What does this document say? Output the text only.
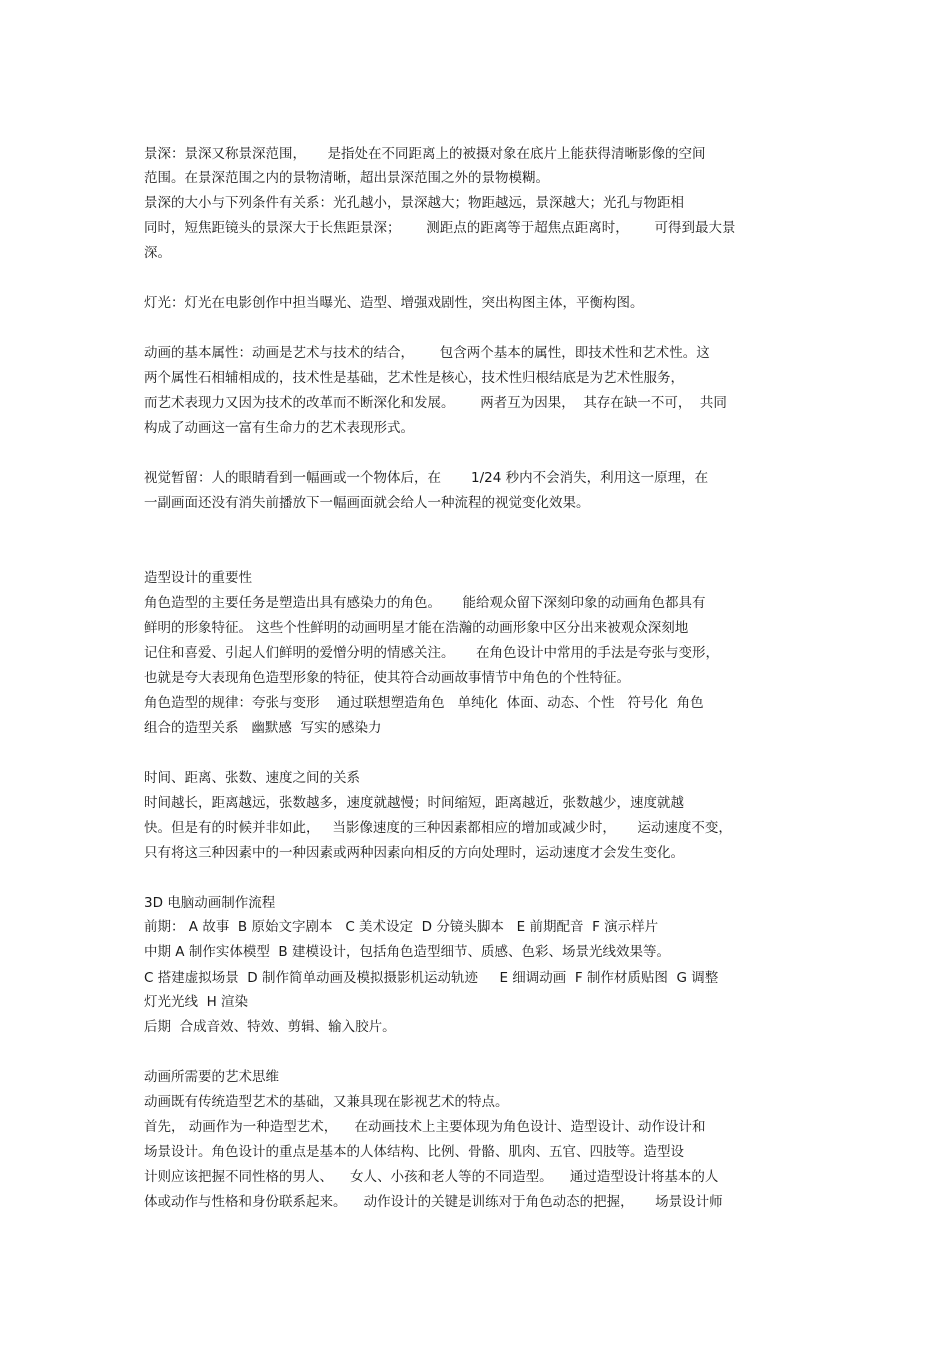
景深：景深又称景深范围，     是指处在不同距离上的被摄对象在底片上能获得清晰影像的空间
范围。在景深范围之内的景物清晰，超出景深范围之外的景物模糊。
景深的大小与下列条件有关系：光孔越小，景深越大；物距越远，景深越大；光孔与物距相
同时，短焦距镜头的景深大于长焦距景深；      测距点的距离等于超焦点距离时，      可得到最大景
深。
灯光：灯光在电影创作中担当曝光、造型、增强戏剧性，突出构图主体，平衡构图。
动画的基本属性：动画是艺术与技术的结合，      包含两个基本的属性，即技术性和艺术性。这
两个属性石相辅相成的，技术性是基础，艺术性是核心，技术性归根结底是为艺术性服务，
而艺术表现力又因为技术的改革而不断深化和发展。      两者互为因果，  其存在缺一不可，  共同
构成了动画这一富有生命力的艺术表现形式。
视觉暂留：人的眼睛看到一幅画或一个物体后，在       1/24 秒内不会消失，利用这一原理，在
一副画面还没有消失前播放下一幅画面就会给人一种流程的视觉变化效果。
造型设计的重要性
角色造型的主要任务是塑造出具有感染力的角色。     能给观众留下深刻印象的动画角色都具有
鲜明的形象特征。 这些个性鲜明的动画明星才能在浩瀚的动画形象中区分出来被观众深刻地
记住和喜爱、引起人们鲜明的爱憎分明的情感关注。     在角色设计中常用的手法是夸张与变形，
也就是夸大表现角色造型形象的特征，使其符合动画故事情节中角色的个性特征。
角色造型的规律：夸张与变形    通过联想塑造角色   单纯化  体面、动态、个性   符号化  角色
组合的造型关系   幽默感  写实的感染力
时间、距离、张数、速度之间的关系
时间越长，距离越远，张数越多，速度就越慢；时间缩短，距离越近，张数越少，速度就越
快。但是有的时候并非如此，   当影像速度的三种因素都相应的增加或减少时，     运动速度不变，
只有将这三种因素中的一种因素或两种因素向相反的方向处理时，运动速度才会发生变化。
3D 电脑动画制作流程
前期： A 故事  B 原始文字剧本   C 美术设定  D 分镜头脚本   E 前期配音  F 演示样片
中期 A 制作实体模型  B 建模设计，包括角色造型细节、质感、色彩、场景光线效果等。
C 搭建虚拟场景  D 制作简单动画及模拟摄影机运动轨迹     E 细调动画  F 制作材质贴图  G 调整
灯光光线  H 渲染
后期  合成音效、特效、剪辑、输入胶片。
动画所需要的艺术思维
动画既有传统造型艺术的基础，又兼具现在影视艺术的特点。
首先， 动画作为一种造型艺术，    在动画技术上主要体现为角色设计、造型设计、动作设计和
场景设计。角色设计的重点是基本的人体结构、比例、骨骼、肌肉、五官、四肢等。造型设
计则应该把握不同性格的男人、    女人、小孩和老人等的不同造型。    通过造型设计将基本的人
体或动作与性格和身份联系起来。    动作设计的关键是训练对于角色动态的把握，     场景设计师
